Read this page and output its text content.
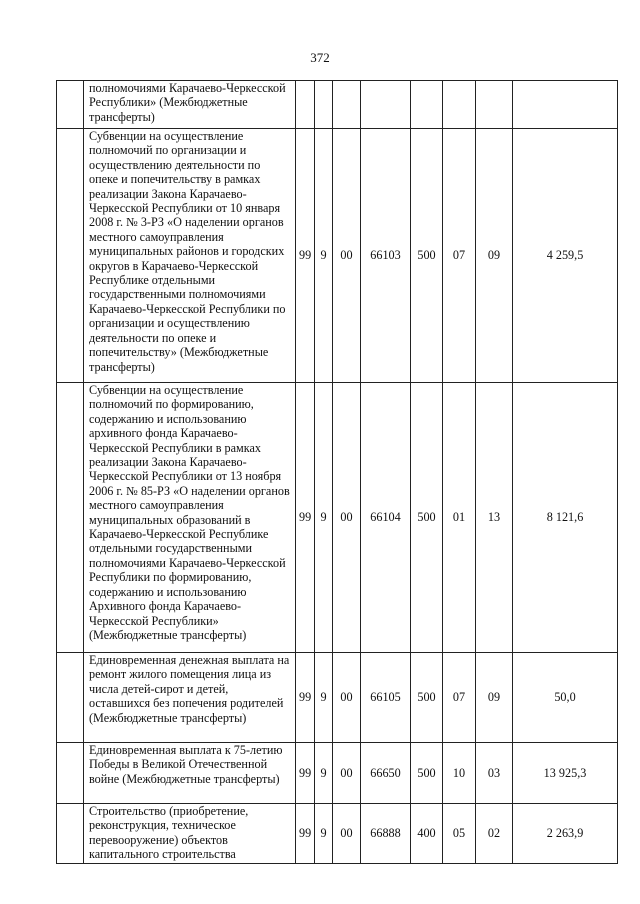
372
	полномочиями Карачаево-Черкесской Республики» (Межбюджетные трансферты)								
	Субвенции на осуществление полномочий по организации и осуществлению деятельности по опеке и попечительству в рамках реализации Закона Карачаево-Черкесской Республики от 10 января 2008 г. № 3-РЗ «О наделении органов местного самоуправления муниципальных районов и городских округов в Карачаево-Черкесской Республике отдельными государственными полномочиями Карачаево-Черкесской Республики по организации и осуществлению деятельности по опеке и попечительству» (Межбюджетные трансферты)	99	9	00	66103	500	07	09	4 259,5
	Субвенции на осуществление полномочий по формированию, содержанию и использованию архивного фонда Карачаево-Черкесской Республики в рамках реализации Закона Карачаево-Черкесской Республики от 13 ноября 2006 г. № 85-РЗ «О наделении органов местного самоуправления муниципальных образований в Карачаево-Черкесской Республике отдельными государственными полномочиями Карачаево-Черкесской Республики по формированию, содержанию и использованию Архивного фонда Карачаево-Черкесской Республики» (Межбюджетные трансферты)	99	9	00	66104	500	01	13	8 121,6
	Единовременная денежная выплата на ремонт жилого помещения лица из числа детей-сирот и детей, оставшихся без попечения родителей (Межбюджетные трансферты)	99	9	00	66105	500	07	09	50,0
	Единовременная выплата к 75-летию Победы в Великой Отечественной войне (Межбюджетные трансферты)	99	9	00	66650	500	10	03	13 925,3
	Строительство (приобретение, реконструкция, техническое перевооружение) объектов капитального строительства	99	9	00	66888	400	05	02	2 263,9
